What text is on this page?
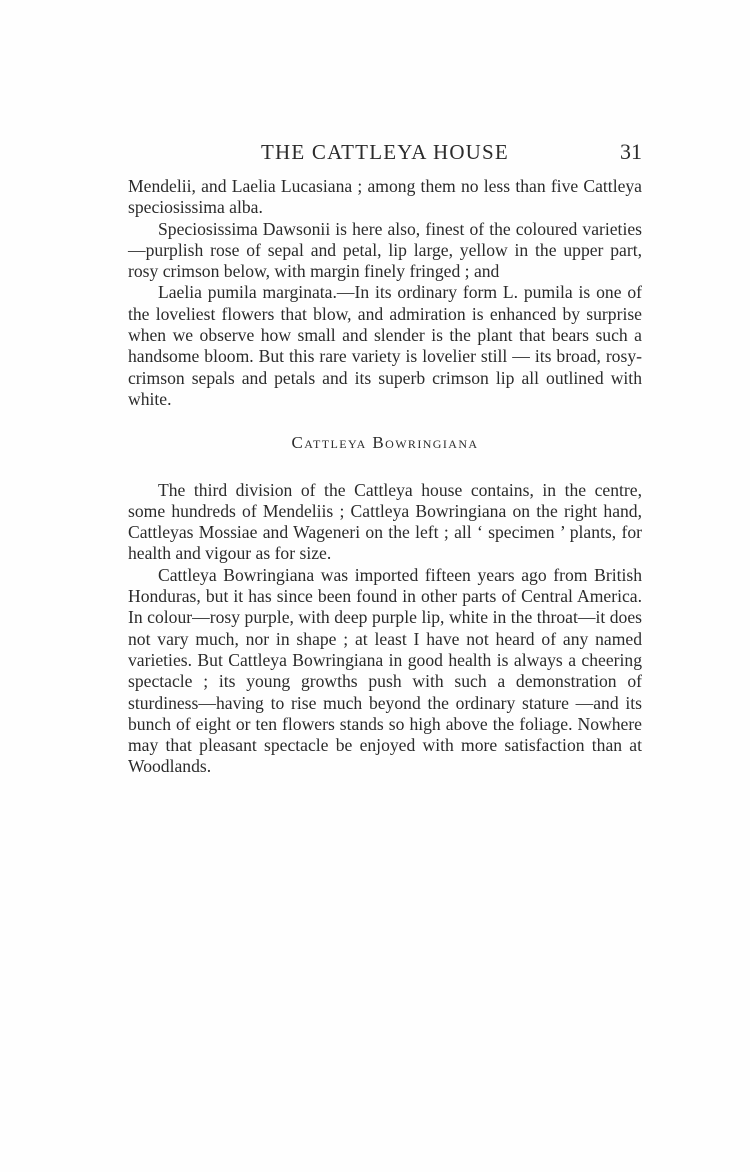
THE CATTLEYA HOUSE	31

Mendelii, and Laelia Lucasiana ; among them no less than five Cattleya speciosissima alba.

Speciosissima Dawsonii is here also, finest of the coloured varieties—purplish rose of sepal and petal, lip large, yellow in the upper part, rosy crimson below, with margin finely fringed ; and

Laelia pumila marginata.—In its ordinary form L. pumila is one of the loveliest flowers that blow, and admiration is enhanced by surprise when we observe how small and slender is the plant that bears such a handsome bloom. But this rare variety is lovelier still — its broad, rosy-crimson sepals and petals and its superb crimson lip all outlined with white.

Cattleya Bowringiana

The third division of the Cattleya house contains, in the centre, some hundreds of Mendeliis ; Cattleya Bowringiana on the right hand, Cattleyas Mossiae and Wageneri on the left ; all ‘ specimen ’ plants, for health and vigour as for size.

Cattleya Bowringiana was imported fifteen years ago from British Honduras, but it has since been found in other parts of Central America. In colour—rosy purple, with deep purple lip, white in the throat—it does not vary much, nor in shape ; at least I have not heard of any named varieties. But Cattleya Bowringiana in good health is always a cheering spectacle ; its young growths push with such a demonstration of sturdiness—having to rise much beyond the ordinary stature —and its bunch of eight or ten flowers stands so high above the foliage. Nowhere may that pleasant spectacle be enjoyed with more satisfaction than at Woodlands.
